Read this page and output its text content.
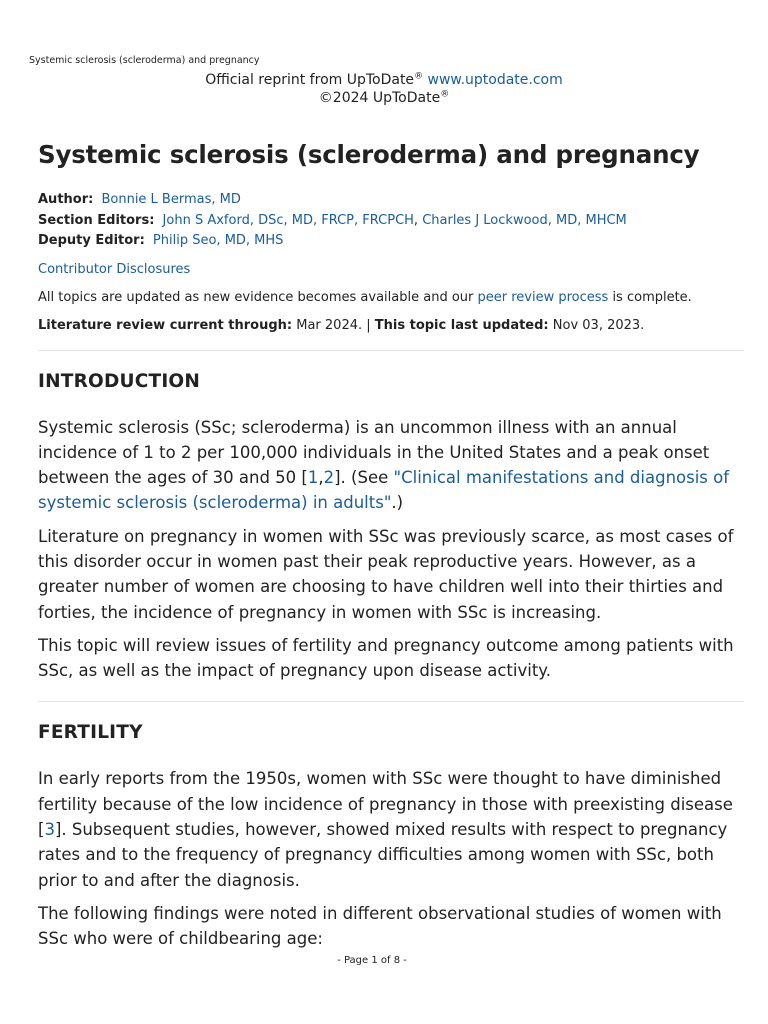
Systemic sclerosis (scleroderma) and pregnancy
Official reprint from UpToDate® www.uptodate.com
©2024 UpToDate®
Systemic sclerosis (scleroderma) and pregnancy
Author: Bonnie L Bermas, MD
Section Editors: John S Axford, DSc, MD, FRCP, FRCPCH, Charles J Lockwood, MD, MHCM
Deputy Editor: Philip Seo, MD, MHS
Contributor Disclosures
All topics are updated as new evidence becomes available and our peer review process is complete.
Literature review current through: Mar 2024. | This topic last updated: Nov 03, 2023.
INTRODUCTION

Systemic sclerosis (SSc; scleroderma) is an uncommon illness with an annual incidence of 1 to 2 per 100,000 individuals in the United States and a peak onset between the ages of 30 and 50 [1,2]. (See "Clinical manifestations and diagnosis of systemic sclerosis (scleroderma) in adults".)

Literature on pregnancy in women with SSc was previously scarce, as most cases of this disorder occur in women past their peak reproductive years. However, as a greater number of women are choosing to have children well into their thirties and forties, the incidence of pregnancy in women with SSc is increasing.

This topic will review issues of fertility and pregnancy outcome among patients with SSc, as well as the impact of pregnancy upon disease activity.

FERTILITY

In early reports from the 1950s, women with SSc were thought to have diminished fertility because of the low incidence of pregnancy in those with preexisting disease [3]. Subsequent studies, however, showed mixed results with respect to pregnancy rates and to the frequency of pregnancy difficulties among women with SSc, both prior to and after the diagnosis.

The following findings were noted in different observational studies of women with SSc who were of childbearing age:

- Page 1 of 8 -
